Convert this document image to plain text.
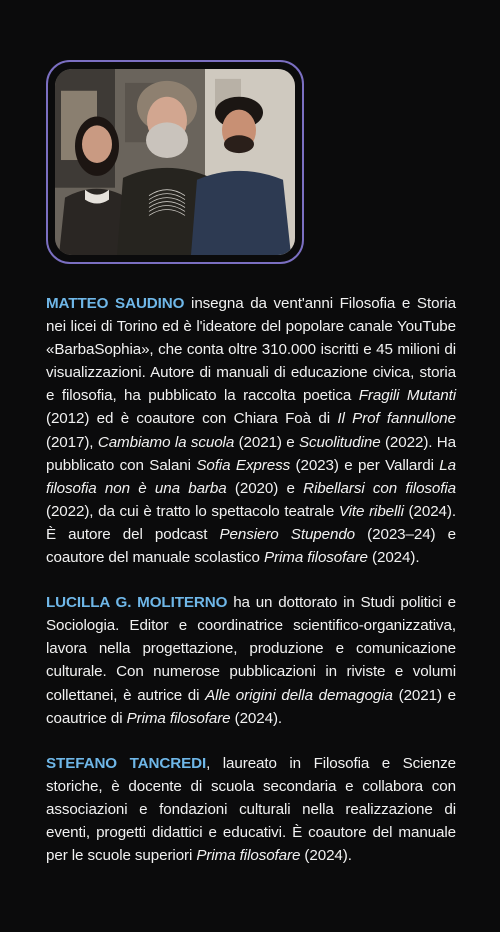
MATTEO SAUDINO insegna da vent'anni Filosofia e Storia nei licei di Torino ed è l'ideatore del popolare canale YouTube «BarbaSophia», che conta oltre 310.000 iscritti e 45 milioni di visualizzazioni. Autore di manuali di educazione civica, storia e filosofia, ha pubblicato la raccolta poetica Fragili Mutanti (2012) ed è coautore con Chiara Foà di Il Prof fannullone (2017), Cambiamo la scuola (2021) e Scuolitudine (2022). Ha pubblicato con Salani Sofia Express (2023) e per Vallardi La filosofia non è una barba (2020) e Ribellarsi con filosofia (2022), da cui è tratto lo spettacolo teatrale Vite ribelli (2024). È autore del podcast Pensiero Stupendo (2023–24) e coautore del manuale scolastico Prima filosofare (2024).

LUCILLA G. MOLITERNO ha un dottorato in Studi politici e Sociologia. Editor e coordinatrice scientifico-organizzativa, lavora nella progettazione, produzione e comunicazione culturale. Con numerose pubblicazioni in riviste e volumi collettanei, è autrice di Alle origini della demagogia (2021) e coautrice di Prima filosofare (2024).

STEFANO TANCREDI, laureato in Filosofia e Scienze storiche, è docente di scuola secondaria e collabora con associazioni e fondazioni culturali nella realizzazione di eventi, progetti didattici e educativi. È coautore del manuale per le scuole superiori Prima filosofare (2024).
